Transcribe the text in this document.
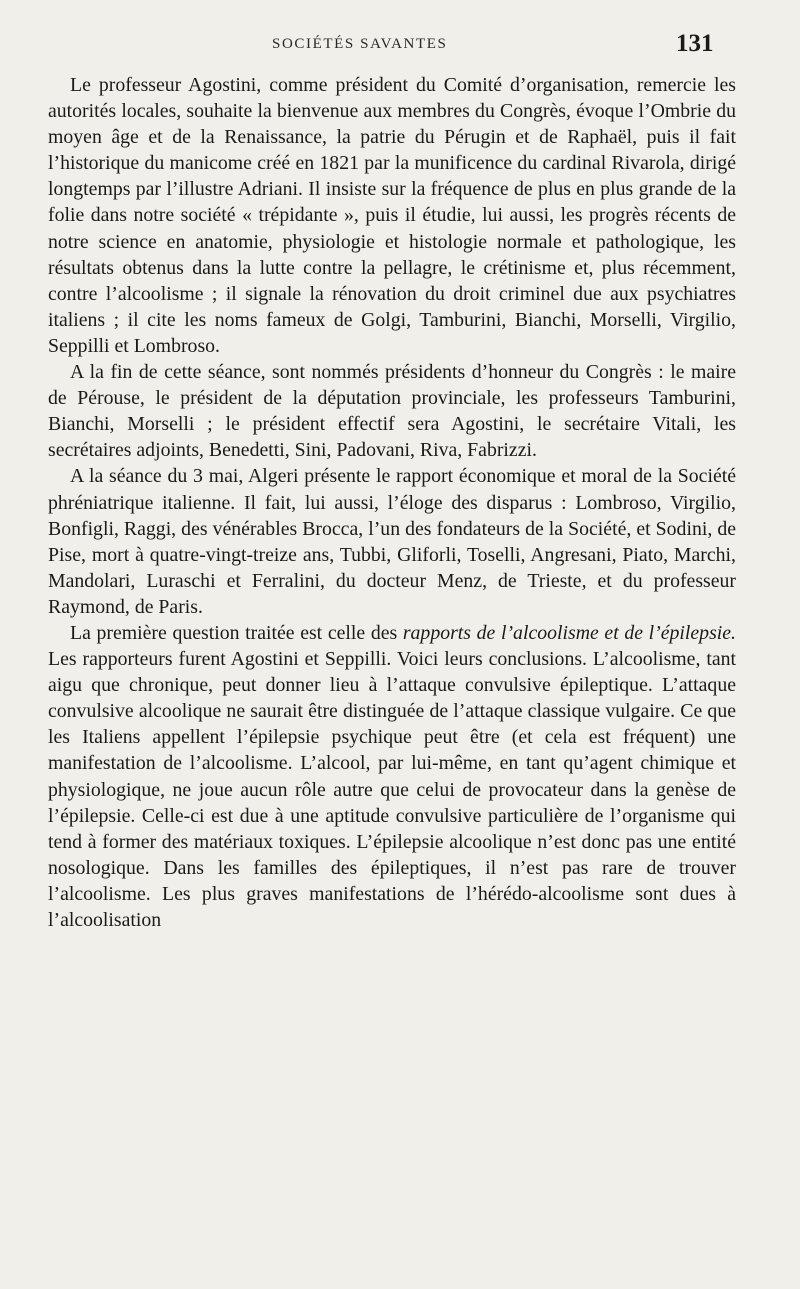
SOCIÉTÉS SAVANTES	131

Le professeur Agostini, comme président du Comité d’organisation, remercie les autorités locales, souhaite la bienvenue aux membres du Congrès, évoque l’Ombrie du moyen âge et de la Renaissance, la patrie du Pérugin et de Raphaël, puis il fait l’historique du manicome créé en 1821 par la munificence du cardinal Rivarola, dirigé longtemps par l’illustre Adriani. Il insiste sur la fréquence de plus en plus grande de la folie dans notre société « trépidante », puis il étudie, lui aussi, les progrès récents de notre science en anatomie, physiologie et histologie normale et pathologique, les résultats obtenus dans la lutte contre la pellagre, le crétinisme et, plus récemment, contre l’alcoolisme ; il signale la rénovation du droit criminel due aux psychiatres italiens ; il cite les noms fameux de Golgi, Tamburini, Bianchi, Morselli, Virgilio, Seppilli et Lombroso.

A la fin de cette séance, sont nommés présidents d’honneur du Congrès : le maire de Pérouse, le président de la députation provinciale, les professeurs Tamburini, Bianchi, Morselli ; le président effectif sera Agostini, le secrétaire Vitali, les secrétaires adjoints, Benedetti, Sini, Padovani, Riva, Fabrizzi.

A la séance du 3 mai, Algeri présente le rapport économique et moral de la Société phréniatrique italienne. Il fait, lui aussi, l’éloge des disparus : Lombroso, Virgilio, Bonfigli, Raggi, des vénérables Brocca, l’un des fondateurs de la Société, et Sodini, de Pise, mort à quatre-vingt-treize ans, Tubbi, Gliforli, Toselli, Angresani, Piato, Marchi, Mandolari, Luraschi et Ferralini, du docteur Menz, de Trieste, et du professeur Raymond, de Paris.

La première question traitée est celle des rapports de l’alcoolisme et de l’épilepsie. Les rapporteurs furent Agostini et Seppilli. Voici leurs conclusions. L’alcoolisme, tant aigu que chronique, peut donner lieu à l’attaque convulsive épileptique. L’attaque convulsive alcoolique ne saurait être distinguée de l’attaque classique vulgaire. Ce que les Italiens appellent l’épilepsie psychique peut être (et cela est fréquent) une manifestation de l’alcoolisme. L’alcool, par lui-même, en tant qu’agent chimique et physiologique, ne joue aucun rôle autre que celui de provocateur dans la genèse de l’épilepsie. Celle-ci est due à une aptitude convulsive particulière de l’organisme qui tend à former des matériaux toxiques. L’épilepsie alcoolique n’est donc pas une entité nosologique. Dans les familles des épileptiques, il n’est pas rare de trouver l’alcoolisme. Les plus graves manifestations de l’hérédo-alcoolisme sont dues à l’alcoolisation
